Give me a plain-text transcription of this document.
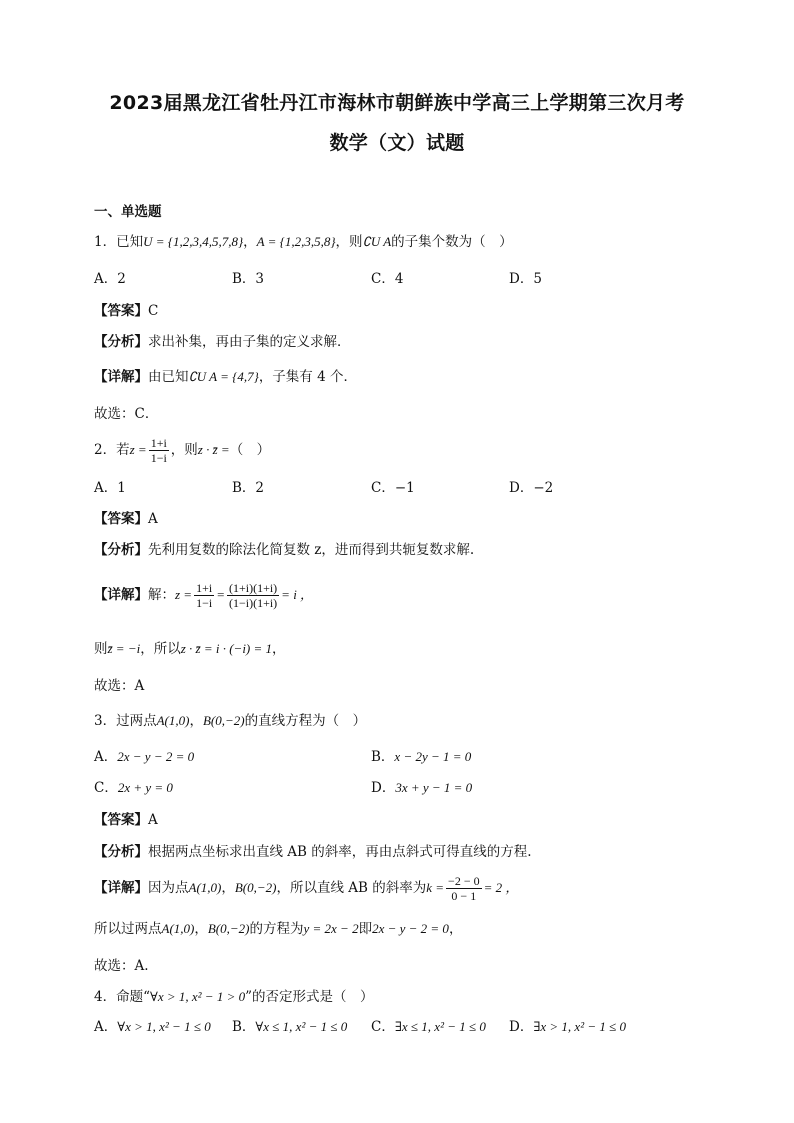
2023届黑龙江省牡丹江市海林市朝鲜族中学高三上学期第三次月考
数学（文）试题
一、单选题
1．已知U = {1,2,3,4,5,7,8}，A = {1,2,3,5,8}，则∁U A的子集个数为（　）
A．2	B．3	C．4	D．5
【答案】C
【分析】求出补集，再由子集的定义求解．
【详解】由已知∁U A = {4,7}，子集有 4 个．
故选：C．
2．若$z = \frac{1+i}{1-i}$ ，则z · z̄ =（　）
A．1	B．2	C．−1	D．−2
【答案】A
【分析】先利用复数的除法化简复数 z，进而得到共轭复数求解.
【详解】解：$z = \frac{1+i}{1-i} = \frac{(1+i)(1+i)}{(1-i)(1+i)} = i$ ，
则z̄ = −i，所以z · z̄ = i · (−i) = 1，
故选：A
3．过两点A(1,0)，B(0,−2)的直线方程为（　）
A．2x − y − 2 = 0	B．x − 2y − 1 = 0
C．2x + y = 0	D．3x + y − 1 = 0
【答案】A
【分析】根据两点坐标求出直线 AB 的斜率，再由点斜式可得直线的方程.
【详解】因为点A(1,0)，B(0,−2)，所以直线 AB 的斜率为$k = \frac{-2 - 0}{0 - 1} = 2$ ，
所以过两点A(1,0)，B(0,−2)的方程为y = 2x − 2即2x − y − 2 = 0，
故选：A.
4．命题“∀x > 1, x² − 1 > 0”的否定形式是（　）
A．∀x > 1, x² − 1 ≤ 0 B．∀x ≤ 1, x² − 1 ≤ 0 C．∃x ≤ 1, x² − 1 ≤ 0 D．∃x > 1, x² − 1 ≤ 0
